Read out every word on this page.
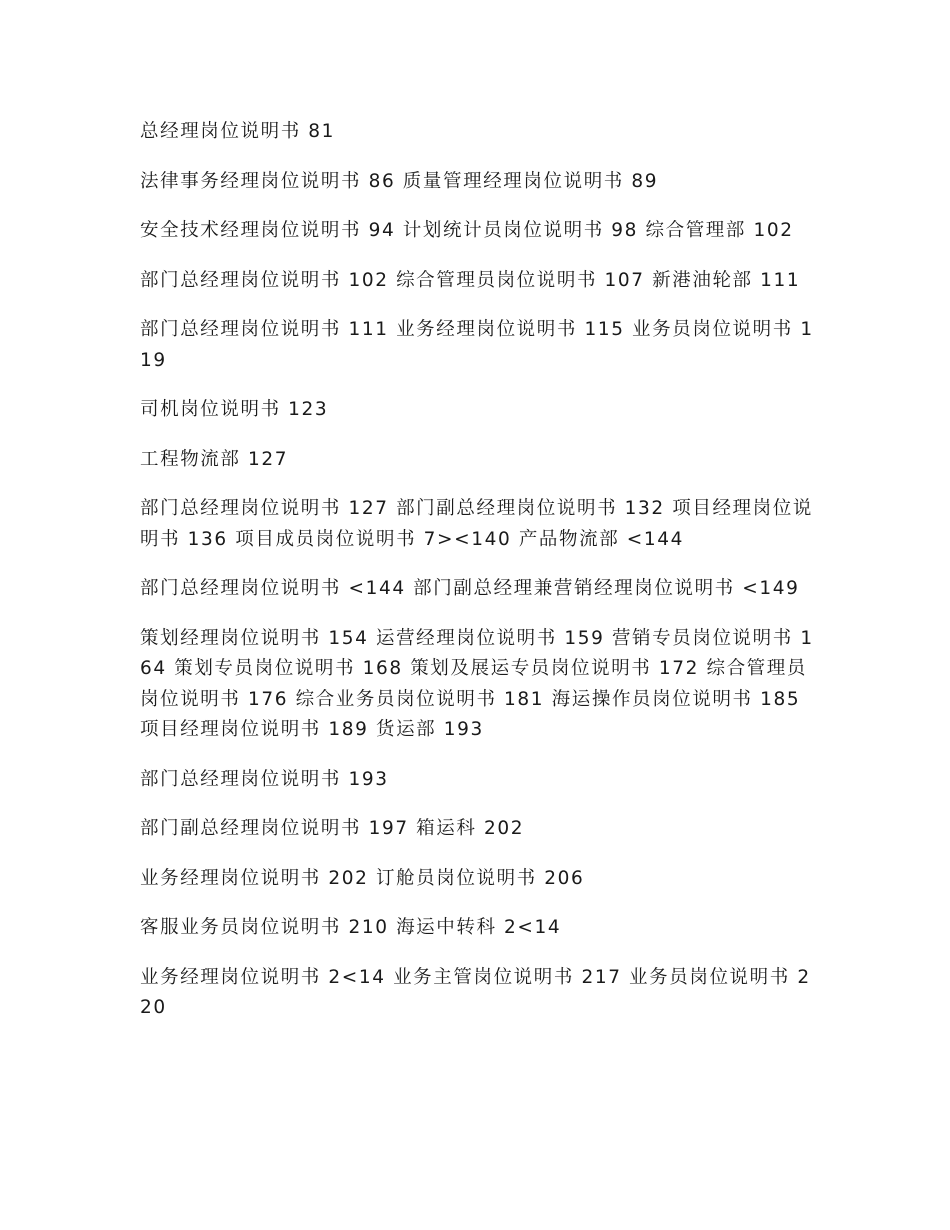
总经理岗位说明书 81

法律事务经理岗位说明书 86 质量管理经理岗位说明书 89

安全技术经理岗位说明书 94 计划统计员岗位说明书 98 综合管理部 102

部门总经理岗位说明书 102 综合管理员岗位说明书 107 新港油轮部 111

部门总经理岗位说明书 111 业务经理岗位说明书 115 业务员岗位说明书 119

司机岗位说明书 123

工程物流部 127

部门总经理岗位说明书 127 部门副总经理岗位说明书 132 项目经理岗位说明书 136 项目成员岗位说明书 7><140 产品物流部 <144

部门总经理岗位说明书 <144 部门副总经理兼营销经理岗位说明书 <149

策划经理岗位说明书 154 运营经理岗位说明书 159 营销专员岗位说明书 164 策划专员岗位说明书 168 策划及展运专员岗位说明书 172 综合管理员岗位说明书 176 综合业务员岗位说明书 181 海运操作员岗位说明书 185 项目经理岗位说明书 189 货运部 193

部门总经理岗位说明书 193

部门副总经理岗位说明书 197 箱运科 202

业务经理岗位说明书 202 订舱员岗位说明书 206

客服业务员岗位说明书 210 海运中转科 2<14

业务经理岗位说明书 2<14 业务主管岗位说明书 217 业务员岗位说明书 220
